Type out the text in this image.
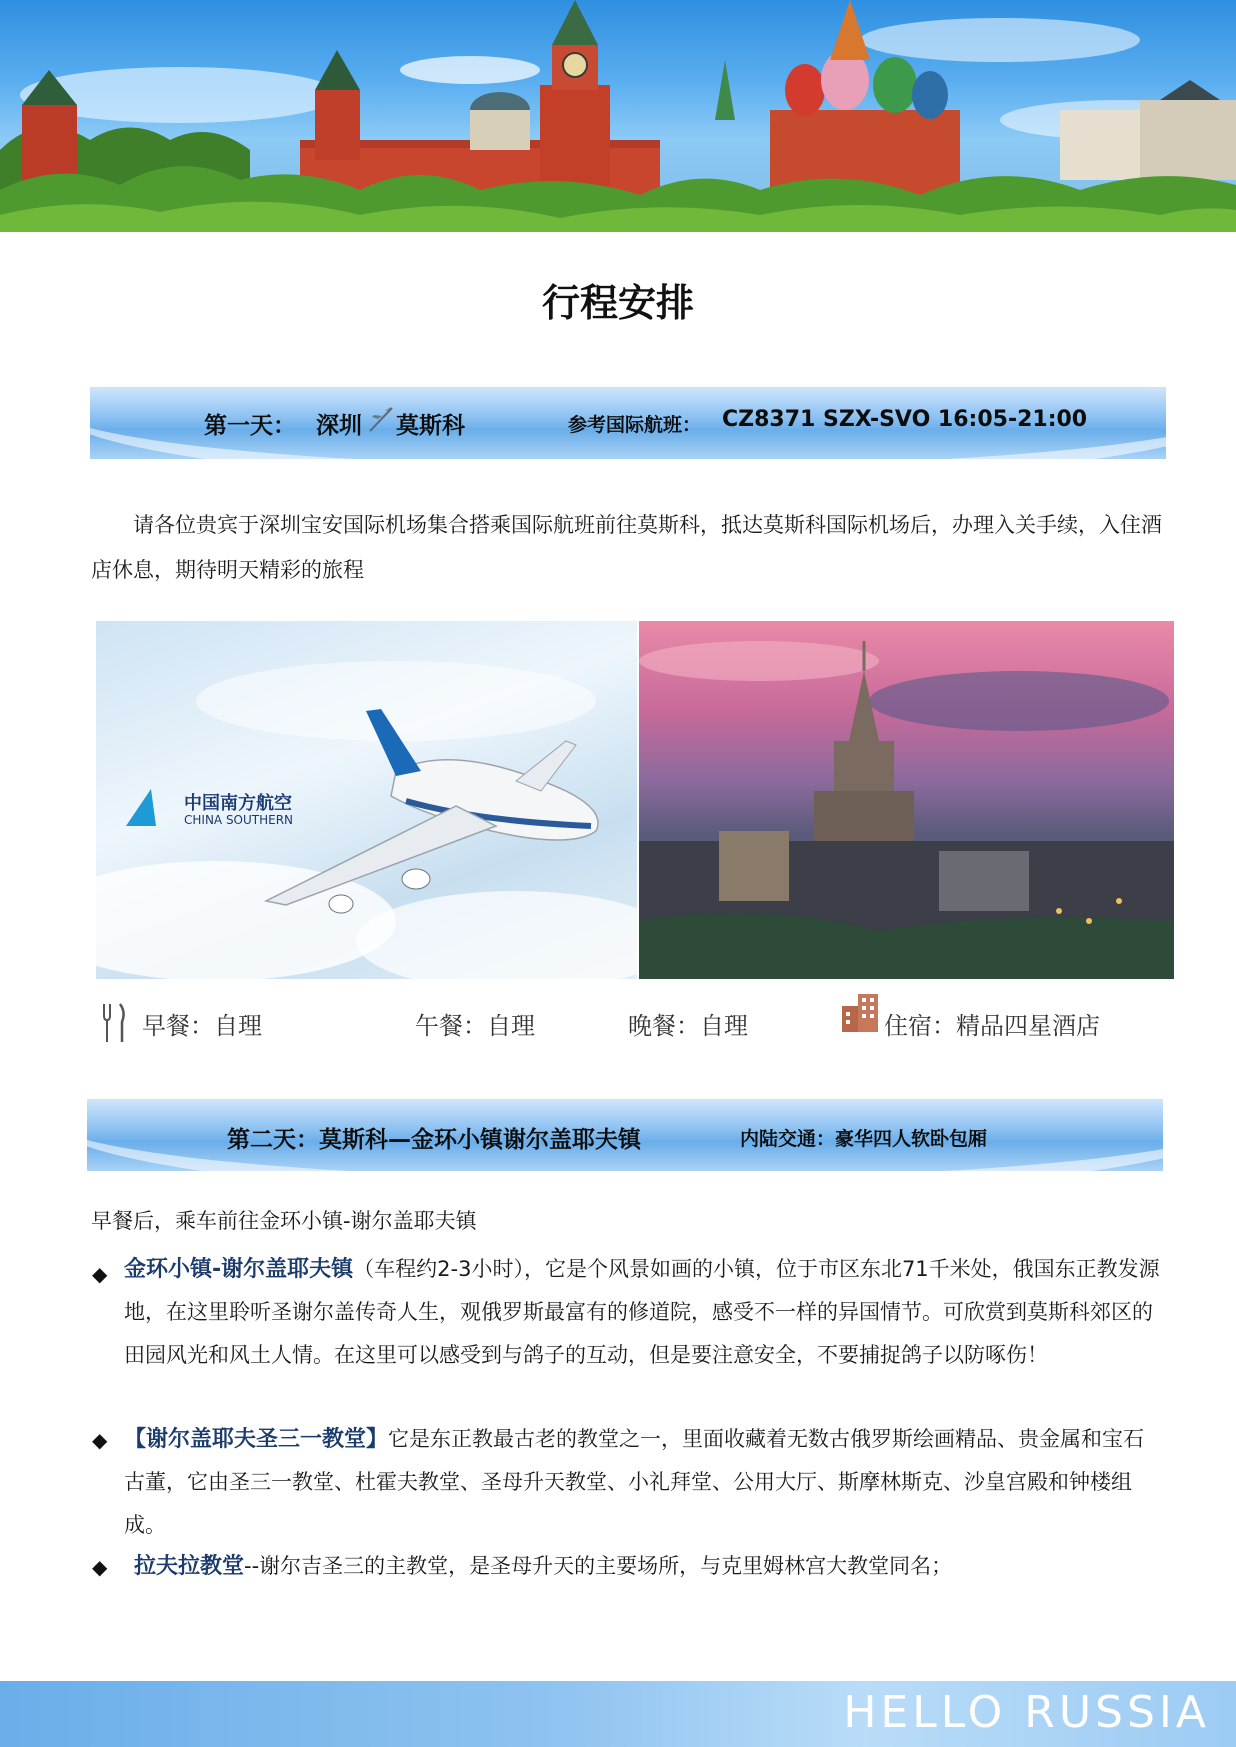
行程安排
第一天： 深圳 莫斯科	参考国际航班： CZ8371 SZX-SVO 16:05-21:00
请各位贵宾于深圳宝安国际机场集合搭乘国际航班前往莫斯科，抵达莫斯科国际机场后，办理入关手续，入住酒店休息，期待明天精彩的旅程
中国南方航空
CHINA SOUTHERN
早餐：自理	午餐：自理	晚餐：自理	住宿：精品四星酒店
第二天：莫斯科—金环小镇谢尔盖耶夫镇	内陆交通：豪华四人软卧包厢
早餐后，乘车前往金环小镇-谢尔盖耶夫镇
◆ 金环小镇-谢尔盖耶夫镇（车程约2-3小时），它是个风景如画的小镇，位于市区东北71千米处，俄国东正教发源地，在这里聆听圣谢尔盖传奇人生，观俄罗斯最富有的修道院，感受不一样的异国情节。可欣赏到莫斯科郊区的田园风光和风土人情。在这里可以感受到与鸽子的互动，但是要注意安全，不要捕捉鸽子以防啄伤！
◆ 【谢尔盖耶夫圣三一教堂】它是东正教最古老的教堂之一，里面收藏着无数古俄罗斯绘画精品、贵金属和宝石古董，它由圣三一教堂、杜霍夫教堂、圣母升天教堂、小礼拜堂、公用大厅、斯摩林斯克、沙皇宫殿和钟楼组成。
◆ 拉夫拉教堂--谢尔吉圣三的主教堂，是圣母升天的主要场所，与克里姆林宫大教堂同名；
HELLO RUSSIA
